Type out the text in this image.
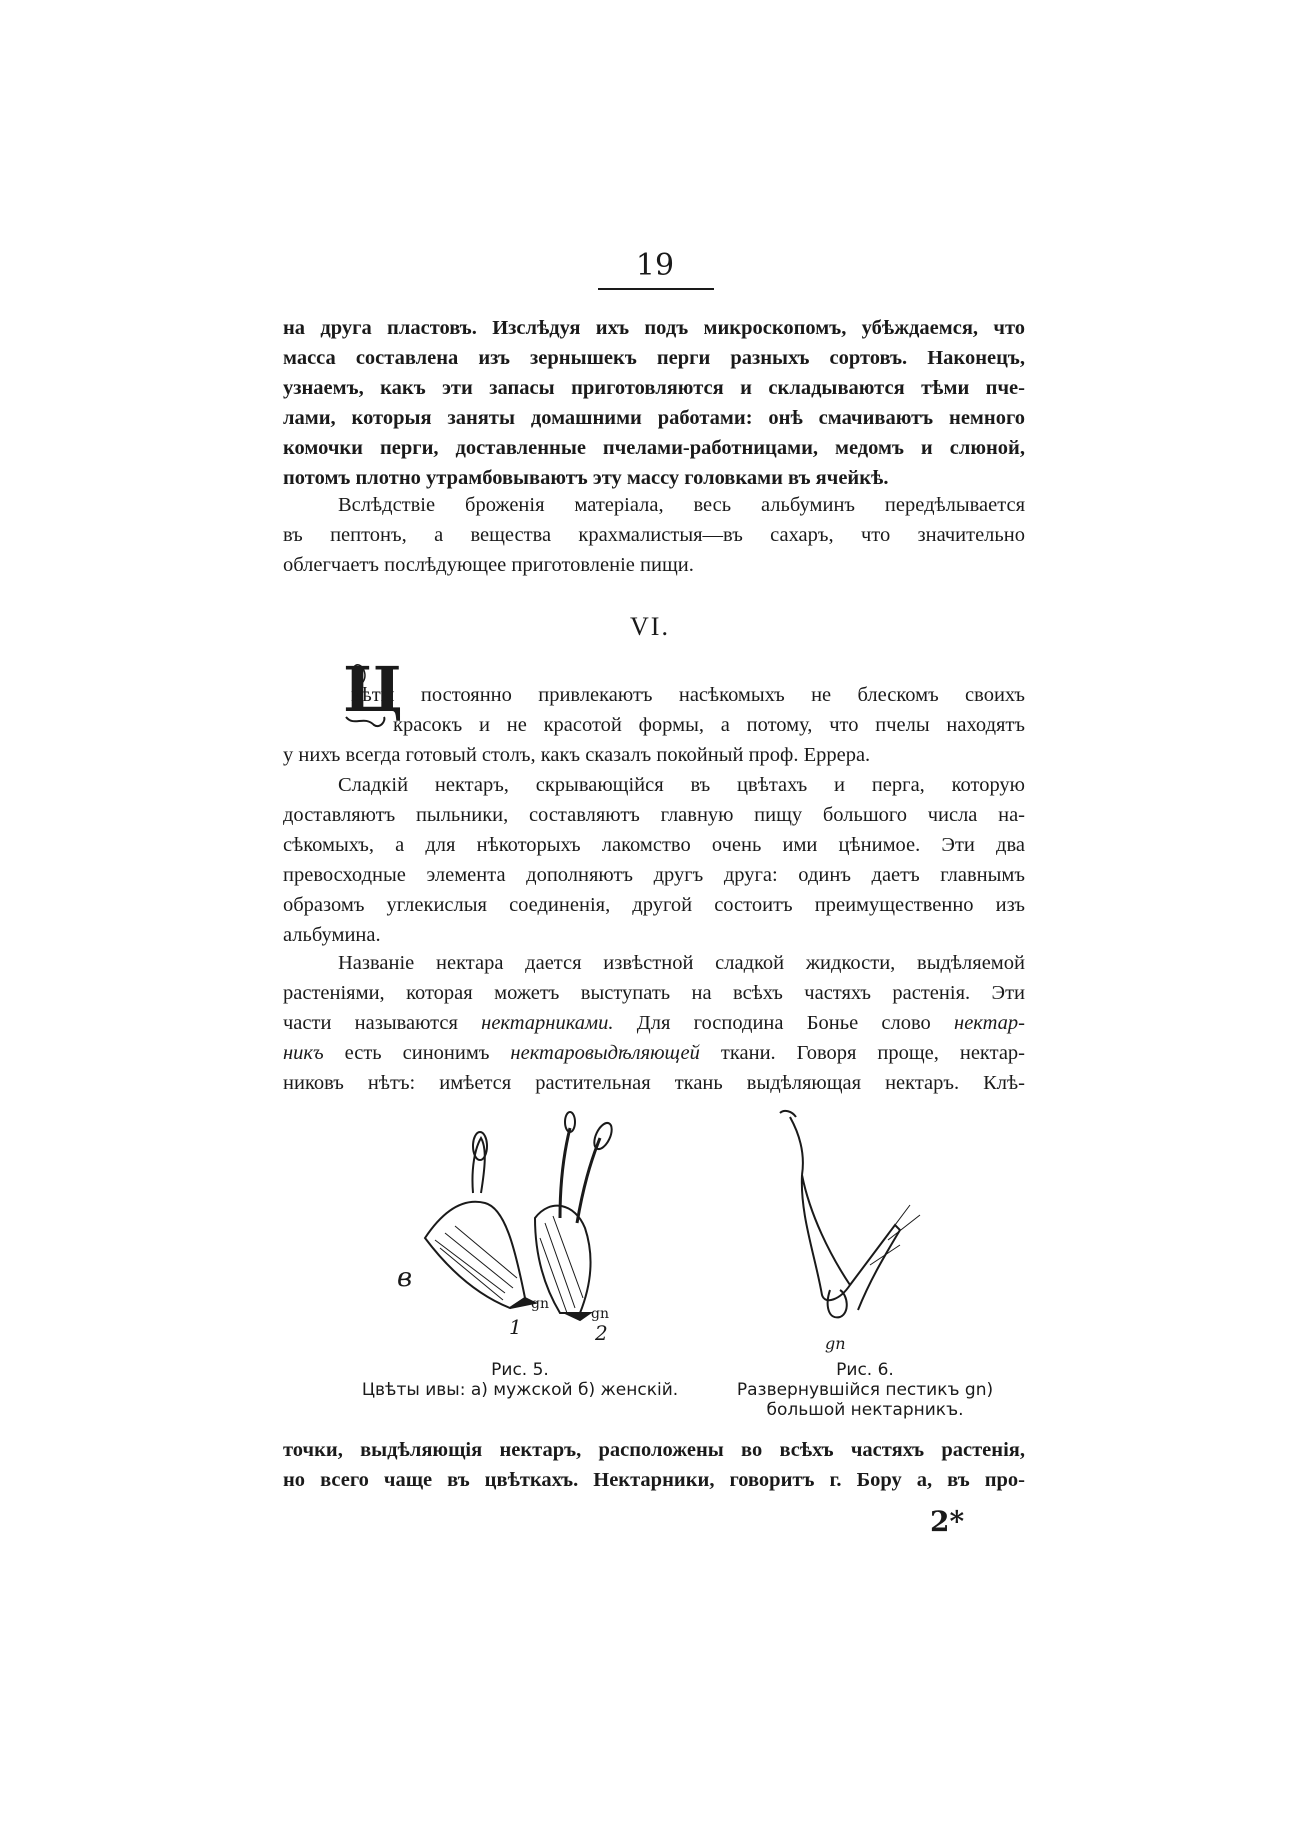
19
на друга пластовъ. Изслѣдуя ихъ подъ микроскопомъ, убѣждаемся, что
масса составлена изъ зернышекъ перги разныхъ сортовъ. Наконецъ,
узнаемъ, какъ эти запасы приготовляются и складываются тѣми пче-
лами, которыя заняты домашними работами: онѣ смачиваютъ немного
комочки перги, доставленные пчелами-работницами, медомъ и слюной,
потомъ плотно утрамбовываютъ эту массу головками въ ячейкѣ.
Вслѣдствіе броженія матеріала, весь альбуминъ передѣлывается
въ пептонъ, а вещества крахмалистыя—въ сахаръ, что значительно
облегчаетъ послѣдующее приготовленіе пищи.
VI.
Ц
вѣты постоянно привлекаютъ насѣкомыхъ не блескомъ своихъ
красокъ и не красотой формы, а потому, что пчелы находятъ
у нихъ всегда готовый столъ, какъ сказалъ покойный проф. Еррера.
Сладкій нектаръ, скрывающійся въ цвѣтахъ и перга, которую
доставляютъ пыльники, составляютъ главную пищу большого числа на-
сѣкомыхъ, а для нѣкоторыхъ лакомство очень ими цѣнимое. Эти два
превосходные элемента дополняютъ другъ друга: одинъ даетъ главнымъ
образомъ углекислыя соединенія, другой состоитъ преимущественно изъ
альбумина.
Названіе нектара дается извѣстной сладкой жидкости, выдѣляемой
растеніями, которая можетъ выступать на всѣхъ частяхъ растенія. Эти
части называются нектарниками. Для господина Боньe слово нектар-
никъ есть синонимъ нектаровыдѣляющей ткани. Говоря проще, нектар-
никовъ нѣтъ: имѣется растительная ткань выдѣляющая нектаръ. Клѣ-
в
1	2
gn
gn
Рис. 5.
Цвѣты ивы: а) мужской б) женскій.
gn
Рис. 6.
Развернувшійся пестикъ gn)
большой нектарникъ.
точки, выдѣляющія нектаръ, расположены во всѣхъ частяхъ растенія,
но всего чаще въ цвѣткахъ. Нектарники, говоритъ г. Бору а, въ про-
2*
